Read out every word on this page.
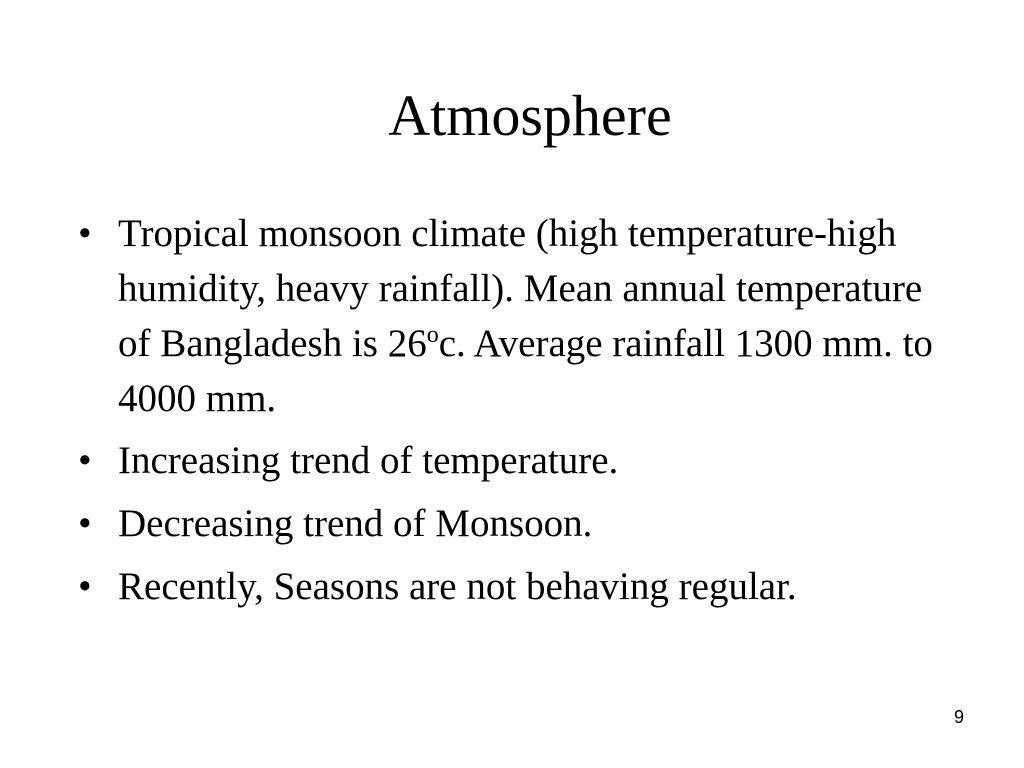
Atmosphere
• Tropical monsoon climate (high temperature-high humidity, heavy rainfall). Mean annual temperature of Bangladesh is 26$^o$c. Average rainfall 1300 mm. to 4000 mm.
• Increasing trend of temperature.
• Decreasing trend of Monsoon.
• Recently, Seasons are not behaving regular.
9
